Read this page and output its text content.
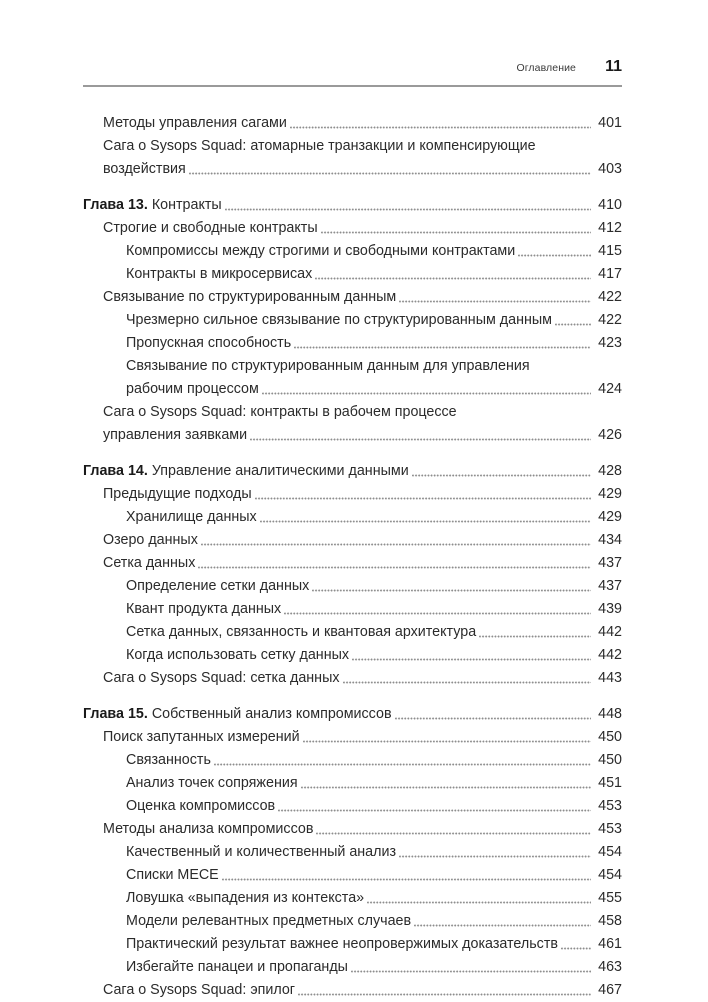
Оглавление	11
Методы управления сагами	401
Сага о Sysops Squad: атомарные транзакции и компенсирующие
воздействия	403
Глава 13. Контракты	410
Строгие и свободные контракты	412
Компромиссы между строгими и свободными контрактами	415
Контракты в микросервисах	417
Связывание по структурированным данным	422
Чрезмерно сильное связывание по структурированным данным	422
Пропускная способность	423
Связывание по структурированным данным для управления
рабочим процессом	424
Сага о Sysops Squad: контракты в рабочем процессе
управления заявками	426
Глава 14. Управление аналитическими данными	428
Предыдущие подходы	429
Хранилище данных	429
Озеро данных	434
Сетка данных	437
Определение сетки данных	437
Квант продукта данных	439
Сетка данных, связанность и квантовая архитектура	442
Когда использовать сетку данных	442
Сага о Sysops Squad: сетка данных	443
Глава 15. Собственный анализ компромиссов	448
Поиск запутанных измерений	450
Связанность	450
Анализ точек сопряжения	451
Оценка компромиссов	453
Методы анализа компромиссов	453
Качественный и количественный анализ	454
Списки MECE	454
Ловушка «выпадения из контекста»	455
Модели релевантных предметных случаев	458
Практический результат важнее неопровержимых доказательств	461
Избегайте панацеи и пропаганды	463
Сага о Sysops Squad: эпилог	467
